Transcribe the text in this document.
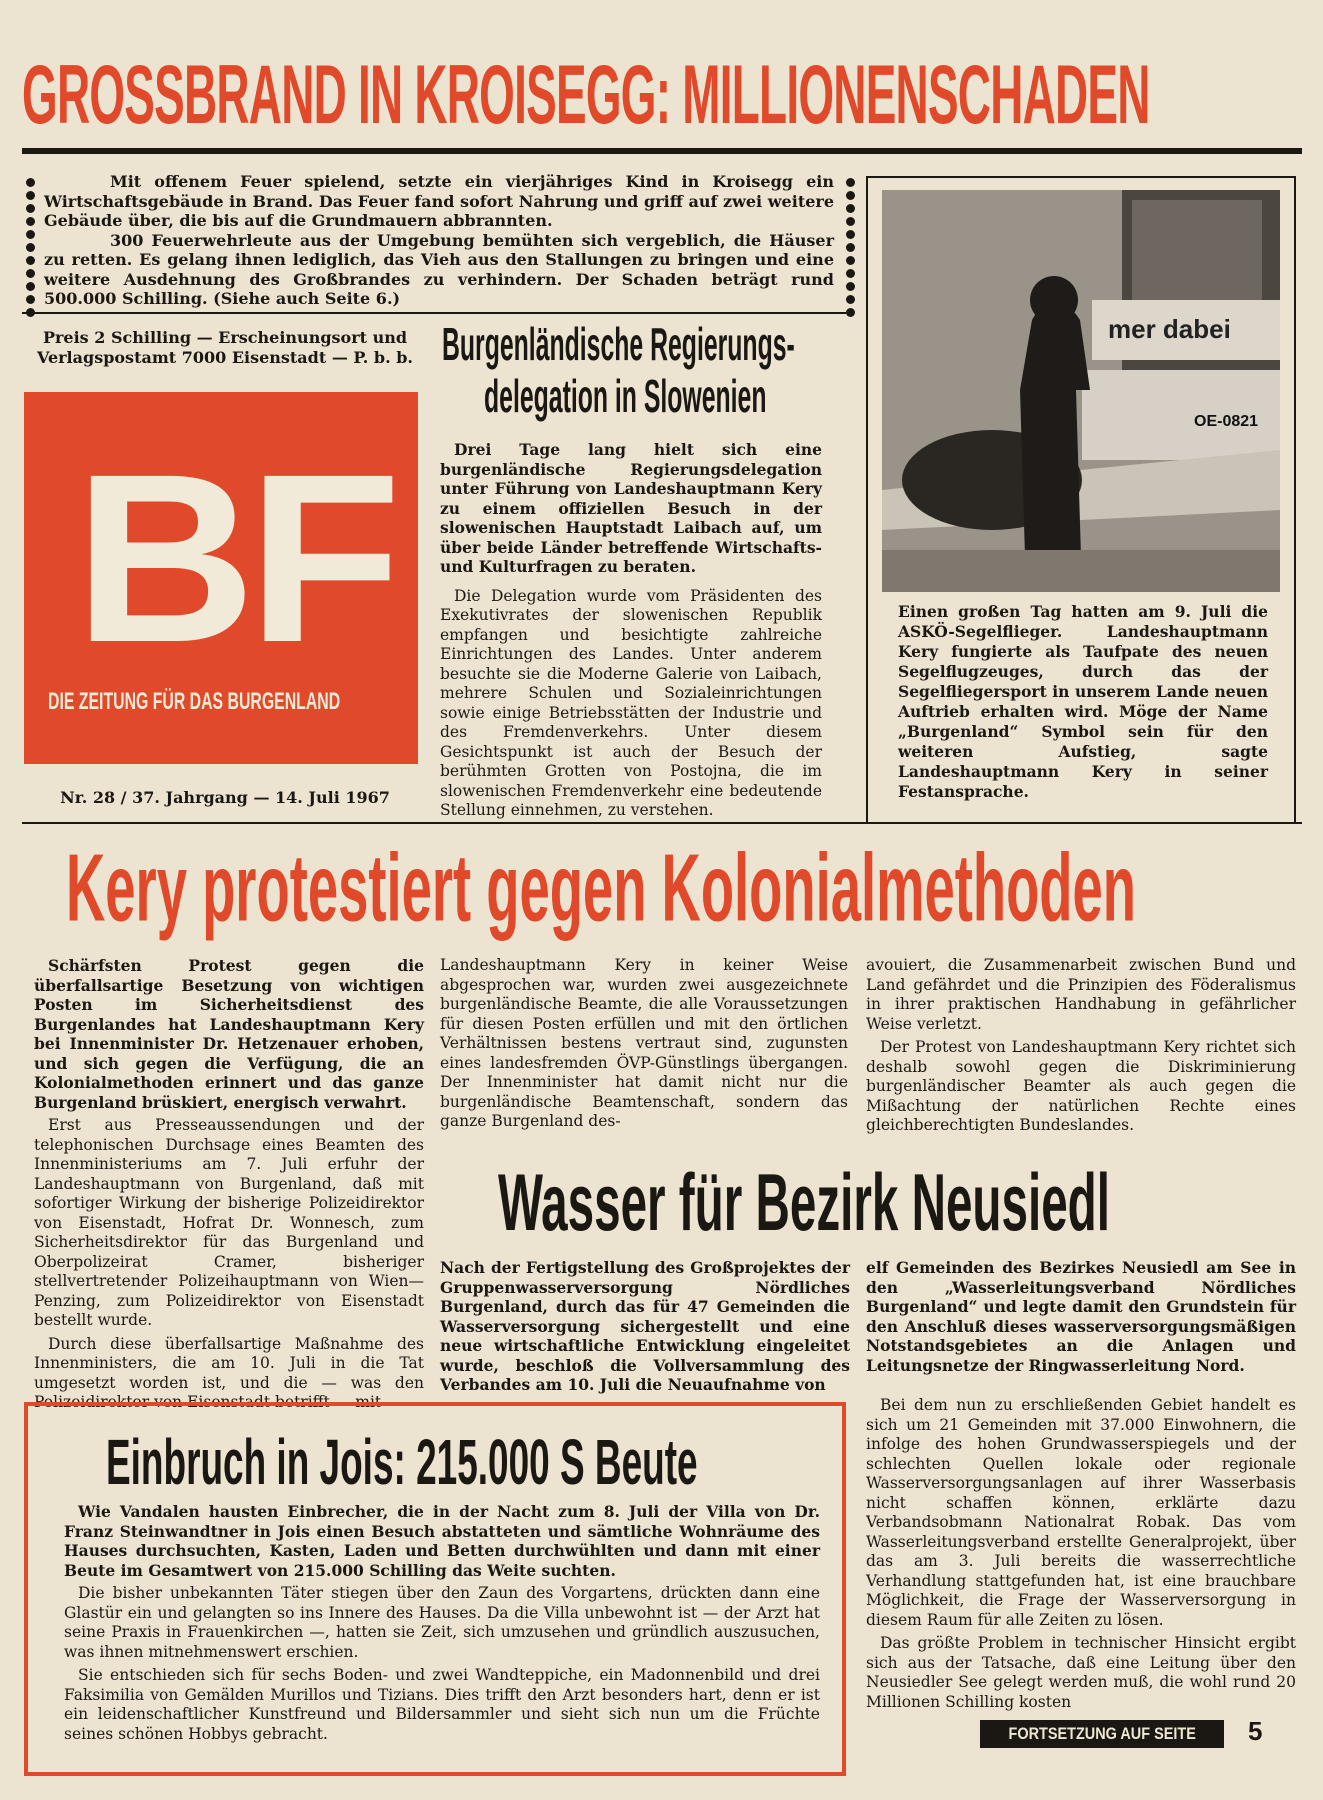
GROSSBRAND IN KROISEGG: MILLIONENSCHADEN

Mit offenem Feuer spielend, setzte ein vierjähriges Kind in Kroisegg ein Wirtschaftsgebäude in Brand. Das Feuer fand sofort Nahrung und griff auf zwei weitere Gebäude über, die bis auf die Grundmauern abbrannten.

300 Feuerwehrleute aus der Umgebung bemühten sich vergeblich, die Häuser zu retten. Es gelang ihnen lediglich, das Vieh aus den Stallungen zu bringen und eine weitere Ausdehnung des Großbrandes zu verhindern. Der Schaden beträgt rund 500.000 Schilling. (Siehe auch Seite 6.)

Preis 2 Schilling — Erscheinungsort und Verlagspostamt 7000 Eisenstadt — P. b. b.
BF
DIE ZEITUNG FÜR DAS BURGENLAND
Nr. 28 / 37. Jahrgang — 14. Juli 1967
Burgenländische Regierungs-
delegation in Slowenien

Drei Tage lang hielt sich eine burgenländische Regierungsdelegation unter Führung von Landeshauptmann Kery zu einem offiziellen Besuch in der slowenischen Hauptstadt Laibach auf, um über beide Länder betreffende Wirtschafts- und Kulturfragen zu beraten.

Die Delegation wurde vom Präsidenten des Exekutivrates der slowenischen Republik empfangen und besichtigte zahlreiche Einrichtungen des Landes. Unter anderem besuchte sie die Moderne Galerie von Laibach, mehrere Schulen und Sozialeinrichtungen sowie einige Betriebsstätten der Industrie und des Fremdenverkehrs. Unter diesem Gesichtspunkt ist auch der Besuch der berühmten Grotten von Postojna, die im slowenischen Fremdenverkehr eine bedeutende Stellung einnehmen, zu verstehen.

mer dabei
OE-0821
Einen großen Tag hatten am 9. Juli die ASKÖ-Segelflieger. Landeshauptmann Kery fungierte als Taufpate des neuen Segelflugzeuges, durch das der Segelfliegersport in unserem Lande neuen Auftrieb erhalten wird. Möge der Name „Burgenland“ Symbol sein für den weiteren Aufstieg, sagte Landeshauptmann Kery in seiner Festansprache.
Kery protestiert gegen Kolonialmethoden

Schärfsten Protest gegen die überfallsartige Besetzung von wichtigen Posten im Sicherheitsdienst des Burgenlandes hat Landeshauptmann Kery bei Innenminister Dr. Hetzenauer erhoben, und sich gegen die Verfügung, die an Kolonialmethoden erinnert und das ganze Burgenland brüskiert, energisch verwahrt.

Erst aus Presseaussendungen und der telephonischen Durchsage eines Beamten des Innenministeriums am 7. Juli erfuhr der Landeshauptmann von Burgenland, daß mit sofortiger Wirkung der bisherige Polizeidirektor von Eisenstadt, Hofrat Dr. Wonnesch, zum Sicherheitsdirektor für das Burgenland und Oberpolizeirat Cramer, bisheriger stellvertretender Polizeihauptmann von Wien—Penzing, zum Polizeidirektor von Eisenstadt bestellt wurde.

Durch diese überfallsartige Maßnahme des Innenministers, die am 10. Juli in die Tat umgesetzt worden ist, und die — was den Polizeidirektor von Eisenstadt betrifft — mit

Landeshauptmann Kery in keiner Weise abgesprochen war, wurden zwei ausgezeichnete burgenländische Beamte, die alle Voraussetzungen für diesen Posten erfüllen und mit den örtlichen Verhältnissen bestens vertraut sind, zugunsten eines landesfremden ÖVP-Günstlings übergangen. Der Innenminister hat damit nicht nur die burgenländische Beamtenschaft, sondern das ganze Burgenland des-

avouiert, die Zusammenarbeit zwischen Bund und Land gefährdet und die Prinzipien des Föderalismus in ihrer praktischen Handhabung in gefährlicher Weise verletzt.

Der Protest von Landeshauptmann Kery richtet sich deshalb sowohl gegen die Diskriminierung burgenländischer Beamter als auch gegen die Mißachtung der natürlichen Rechte eines gleichberechtigten Bundeslandes.

Wasser für Bezirk Neusiedl
Nach der Fertigstellung des Großprojektes der Gruppenwasserversorgung Nördliches Burgenland, durch das für 47 Gemeinden die Wasserversorgung sichergestellt und eine neue wirtschaftliche Entwicklung eingeleitet wurde, beschloß die Vollversammlung des Verbandes am 10. Juli die Neuaufnahme von
elf Gemeinden des Bezirkes Neusiedl am See in den „Wasserleitungsverband Nördliches Burgenland“ und legte damit den Grundstein für den Anschluß dieses wasserversorgungsmäßigen Notstandsgebietes an die Anlagen und Leitungsnetze der Ringwasserleitung Nord.

Bei dem nun zu erschließenden Gebiet handelt es sich um 21 Gemeinden mit 37.000 Einwohnern, die infolge des hohen Grundwasserspiegels und der schlechten Quellen lokale oder regionale Wasserversorgungsanlagen auf ihrer Wasserbasis nicht schaffen können, erklärte dazu Verbandsobmann Nationalrat Robak. Das vom Wasserleitungsverband erstellte Generalprojekt, über das am 3. Juli bereits die wasserrechtliche Verhandlung stattgefunden hat, ist eine brauchbare Möglichkeit, die Frage der Wasserversorgung in diesem Raum für alle Zeiten zu lösen.

Das größte Problem in technischer Hinsicht ergibt sich aus der Tatsache, daß eine Leitung über den Neusiedler See gelegt werden muß, die wohl rund 20 Millionen Schilling kosten

Einbruch in Jois: 215.000 S Beute

Wie Vandalen hausten Einbrecher, die in der Nacht zum 8. Juli der Villa von Dr. Franz Steinwandtner in Jois einen Besuch abstatteten und sämtliche Wohnräume des Hauses durchsuchten, Kasten, Laden und Betten durchwühlten und dann mit einer Beute im Gesamtwert von 215.000 Schilling das Weite suchten.

Die bisher unbekannten Täter stiegen über den Zaun des Vorgartens, drückten dann eine Glastür ein und gelangten so ins Innere des Hauses. Da die Villa unbewohnt ist — der Arzt hat seine Praxis in Frauenkirchen —, hatten sie Zeit, sich umzusehen und gründlich auszusuchen, was ihnen mitnehmenswert erschien.

Sie entschieden sich für sechs Boden- und zwei Wandteppiche, ein Madonnenbild und drei Faksimilia von Gemälden Murillos und Tizians. Dies trifft den Arzt besonders hart, denn er ist ein leidenschaftlicher Kunstfreund und Bildersammler und sieht sich nun um die Früchte seines schönen Hobbys gebracht.	FORTSETZUNG AUF SEITE 5
